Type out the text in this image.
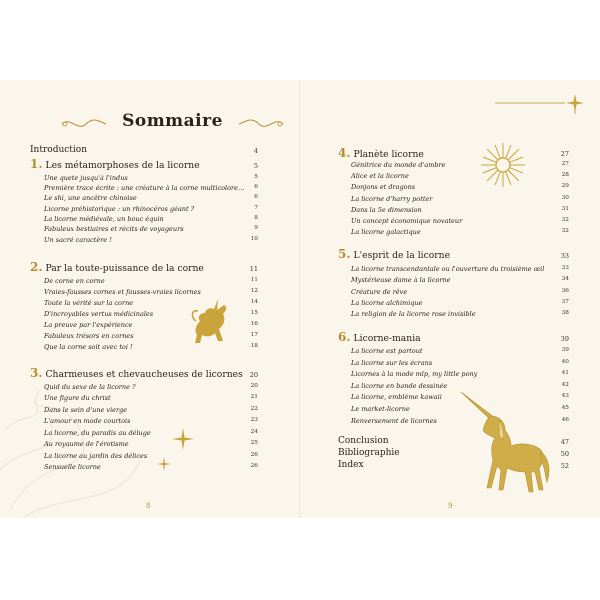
Sommaire
Introduction	4
1. Les métamorphoses de la licorne	5
Une quete jusqu'à l'indus	5
Première trace écrite : une créature à la corne multicolore…	6
Le shi, une ancêtre chinoise	6
Licorne préhistorique : un rhinocéros géant ?	7
La licorne médiévale, un bouc équin	8
Fabuleux bestiaires et récits de voyageurs	9
Un sacré caractère !	10
2. Par la toute-puissance de la corne	11
De corne en corne	11
Vraies-fausses cornes et fausses-vraies licornes	12
Toute la vérité sur la corne	14
D'incroyables vertus médicinales	15
La preuve par l'expérience	16
Fabuleux trésors en cornes	17
Que la corne soit avec toi !	18
3. Charmeuses et chevaucheuses de licornes	20
Quid du sexe de la licorne ?	20
Une figure du christ	21
Dans le sein d'une vierge	22
L'amour en mode courtois	23
La licorne, du paradis au déluge	24
Au royaume de l'érotisme	25
La licorne au jardin des délices	26
Sensuelle licorne	26
8
4. Planète licorne	27
Génitrice du monde d'ambre	27
Alice et la licorne	28
Donjons et dragons	29
La licorne d'harry potter	30
Dans la 5e dimension	31
Un concept économique novateur	32
La licorne galactique	32
5. L'esprit de la licorne	33
La licorne transcendantale ou l'ouverture du troisième œil	33
Mystérieuse dame à la licorne	34
Créature de rêve	36
La licorne alchimique	37
La religion de la licorne rose invisible	38
6. Licorne-mania	39
La licorne est partout	39
La licorne sur les écrans	40
Licornes à la mode mlp, my little pony	41
La licorne en bande dessinée	42
La licorne, emblème kawaii	43
Le market-licorne	45
Renversement de licornes	46
Conclusion	47
Bibliographie	50
Index	52
9
